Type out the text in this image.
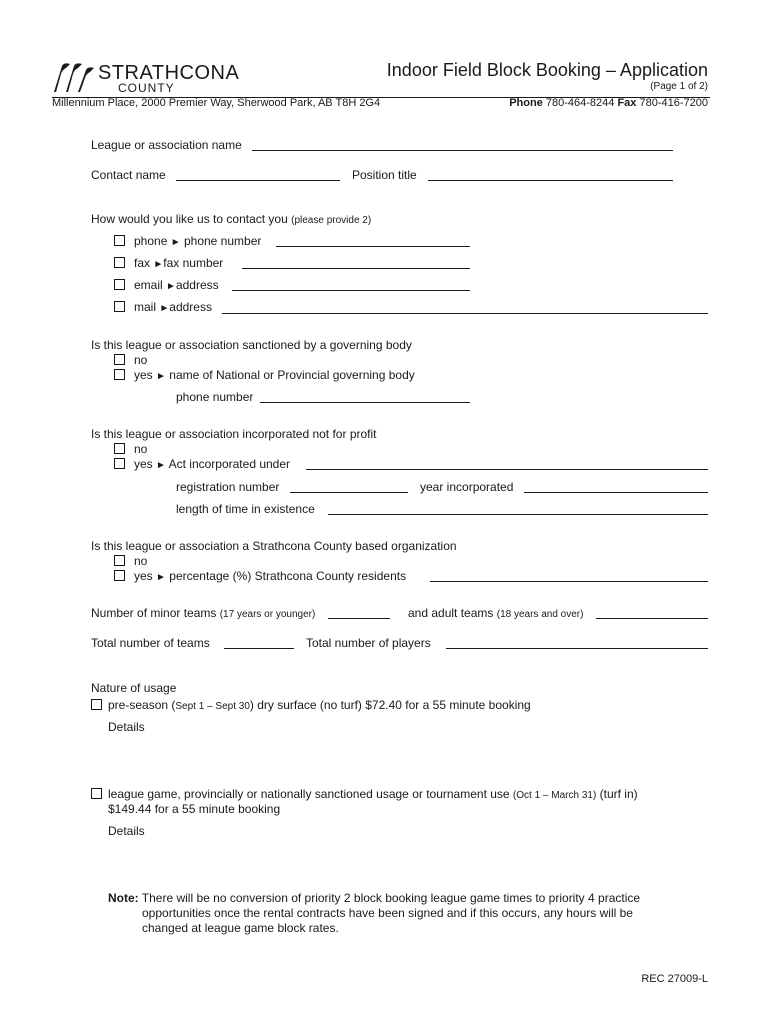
STRATHCONA
COUNTY
Indoor Field Block Booking – Application
(Page 1 of 2)
Millennium Place, 2000 Premier Way, Sherwood Park, AB T8H 2G4	Phone 780-464-8244 Fax 780-416-7200
League or association name
Contact name	Position title
How would you like us to contact you (please provide 2)
phone ► phone number
fax ►fax number
email ►address
mail ►address
Is this league or association sanctioned by a governing body
no
yes ► name of National or Provincial governing body
phone number
Is this league or association incorporated not for profit
no
yes ► Act incorporated under
registration number	year incorporated
length of time in existence
Is this league or association a Strathcona County based organization
no
yes ► percentage (%) Strathcona County residents
Number of minor teams (17 years or younger)	and adult teams (18 years and over)
Total number of teams	Total number of players
Nature of usage
pre-season (Sept 1 – Sept 30) dry surface (no turf) $72.40 for a 55 minute booking
Details
league game, provincially or nationally sanctioned usage or tournament use (Oct 1 – March 31) (turf in)
$149.44 for a 55 minute booking
Details
Note: There will be no conversion of priority 2 block booking league game times to priority 4 practice
opportunities once the rental contracts have been signed and if this occurs, any hours will be
changed at league game block rates.
REC 27009-L
